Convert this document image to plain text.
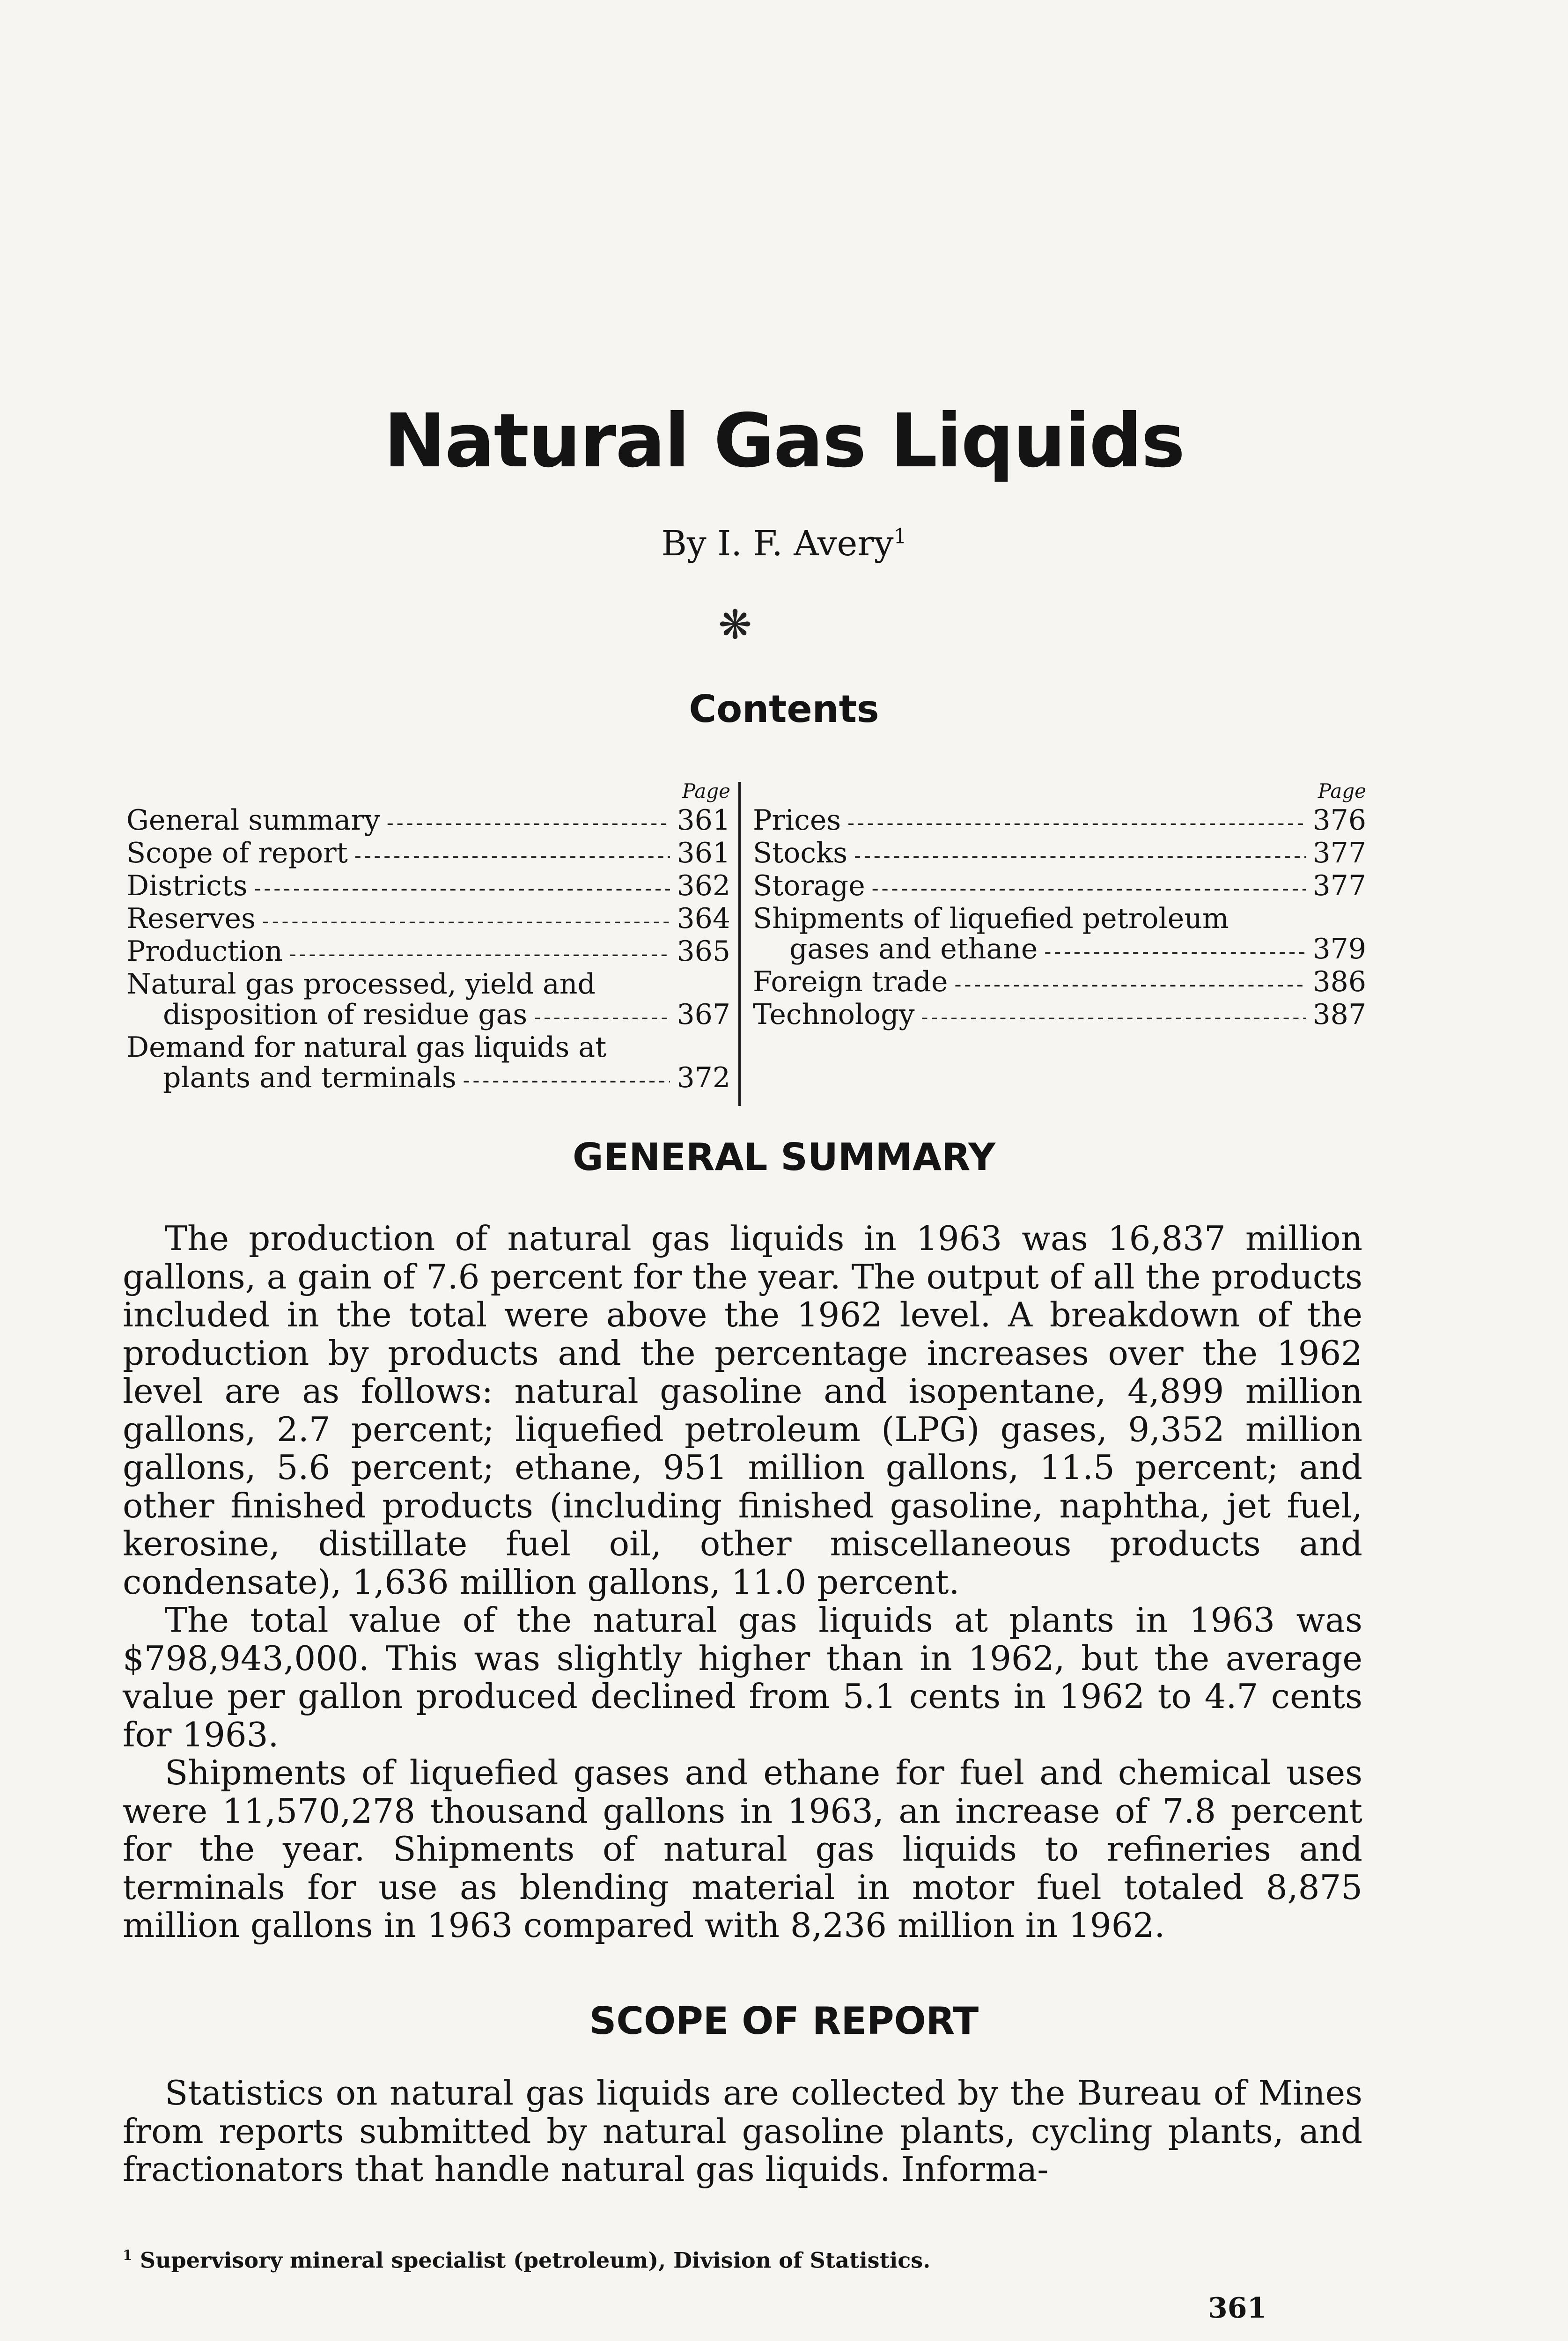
Natural Gas Liquids
By I. F. Avery$^1$
❋
Contents
Page
General summary -----	361
Scope of report -----	361
Districts -----	362
Reserves -----	364
Production -----	365
Natural gas processed, yield and
disposition of residue gas -----	367
Demand for natural gas liquids at
plants and terminals -----	372
Page
Prices -----	376
Stocks -----	377
Storage -----	377
Shipments of liquefied petroleum
gases and ethane -----	379
Foreign trade -----	386
Technology -----	387
GENERAL SUMMARY

The production of natural gas liquids in 1963 was 16,837 million gallons, a gain of 7.6 percent for the year. The output of all the products included in the total were above the 1962 level. A breakdown of the production by products and the percentage increases over the 1962 level are as follows: natural gasoline and isopentane, 4,899 million gallons, 2.7 percent; liquefied petroleum (LPG) gases, 9,352 million gallons, 5.6 percent; ethane, 951 million gallons, 11.5 percent; and other finished products (including finished gasoline, naphtha, jet fuel, kerosine, distillate fuel oil, other miscellaneous products and condensate), 1,636 million gallons, 11.0 percent.

The total value of the natural gas liquids at plants in 1963 was $798,943,000. This was slightly higher than in 1962, but the average value per gallon produced declined from 5.1 cents in 1962 to 4.7 cents for 1963.

Shipments of liquefied gases and ethane for fuel and chemical uses were 11,570,278 thousand gallons in 1963, an increase of 7.8 percent for the year. Shipments of natural gas liquids to refineries and terminals for use as blending material in motor fuel totaled 8,875 million gallons in 1963 compared with 8,236 million in 1962.

SCOPE OF REPORT

Statistics on natural gas liquids are collected by the Bureau of Mines from reports submitted by natural gasoline plants, cycling plants, and fractionators that handle natural gas liquids. Informa-

$^1$ Supervisory mineral specialist (petroleum), Division of Statistics.
361
